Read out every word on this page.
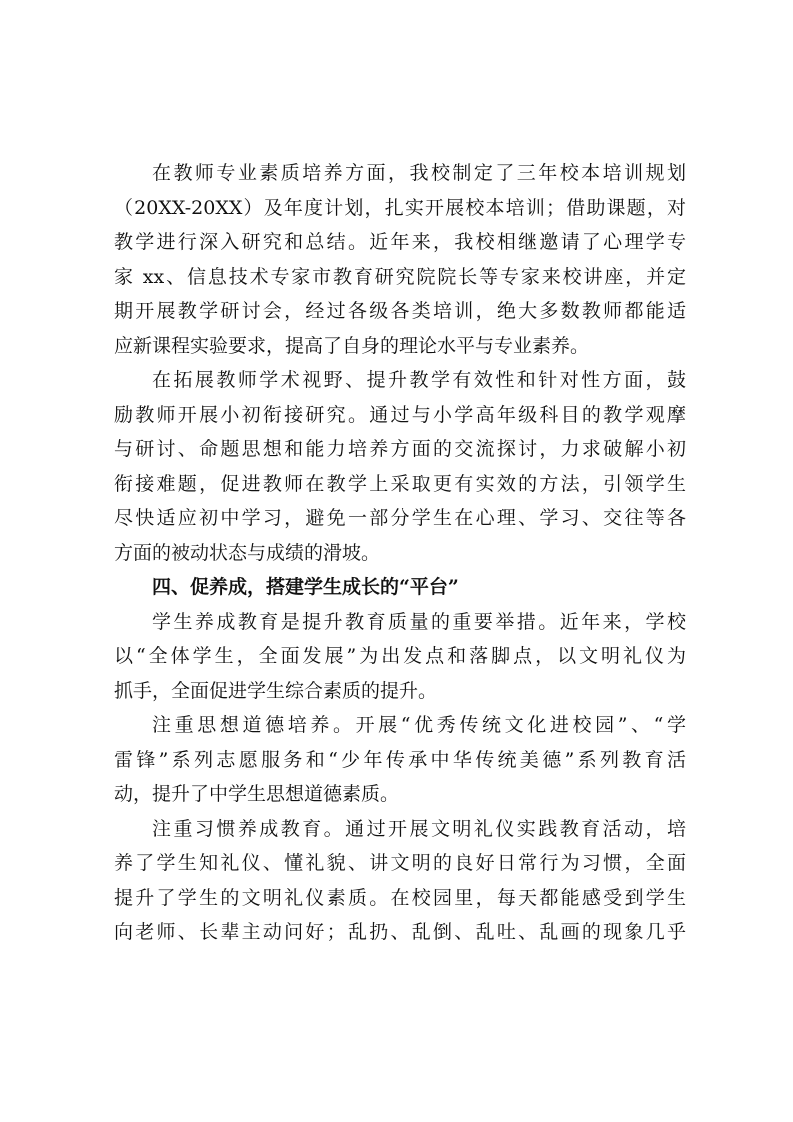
在教师专业素质培养方面，我校制定了三年校本培训规划
（20XX-20XX）及年度计划，扎实开展校本培训；借助课题，对
教学进行深入研究和总结。近年来，我校相继邀请了心理学专
家 xx、信息技术专家市教育研究院院长等专家来校讲座，并定
期开展教学研讨会，经过各级各类培训，绝大多数教师都能适
应新课程实验要求，提高了自身的理论水平与专业素养。
在拓展教师学术视野、提升教学有效性和针对性方面，鼓
励教师开展小初衔接研究。通过与小学高年级科目的教学观摩
与研讨、命题思想和能力培养方面的交流探讨，力求破解小初
衔接难题，促进教师在教学上采取更有实效的方法，引领学生
尽快适应初中学习，避免一部分学生在心理、学习、交往等各
方面的被动状态与成绩的滑坡。
四、促养成，搭建学生成长的“平台”
学生养成教育是提升教育质量的重要举措。近年来，学校
以“全体学生，全面发展”为出发点和落脚点，以文明礼仪为
抓手，全面促进学生综合素质的提升。
注重思想道德培养。开展“优秀传统文化进校园”、“学
雷锋”系列志愿服务和“少年传承中华传统美德”系列教育活
动，提升了中学生思想道德素质。
注重习惯养成教育。通过开展文明礼仪实践教育活动，培
养了学生知礼仪、懂礼貌、讲文明的良好日常行为习惯，全面
提升了学生的文明礼仪素质。在校园里，每天都能感受到学生
向老师、长辈主动问好；乱扔、乱倒、乱吐、乱画的现象几乎
